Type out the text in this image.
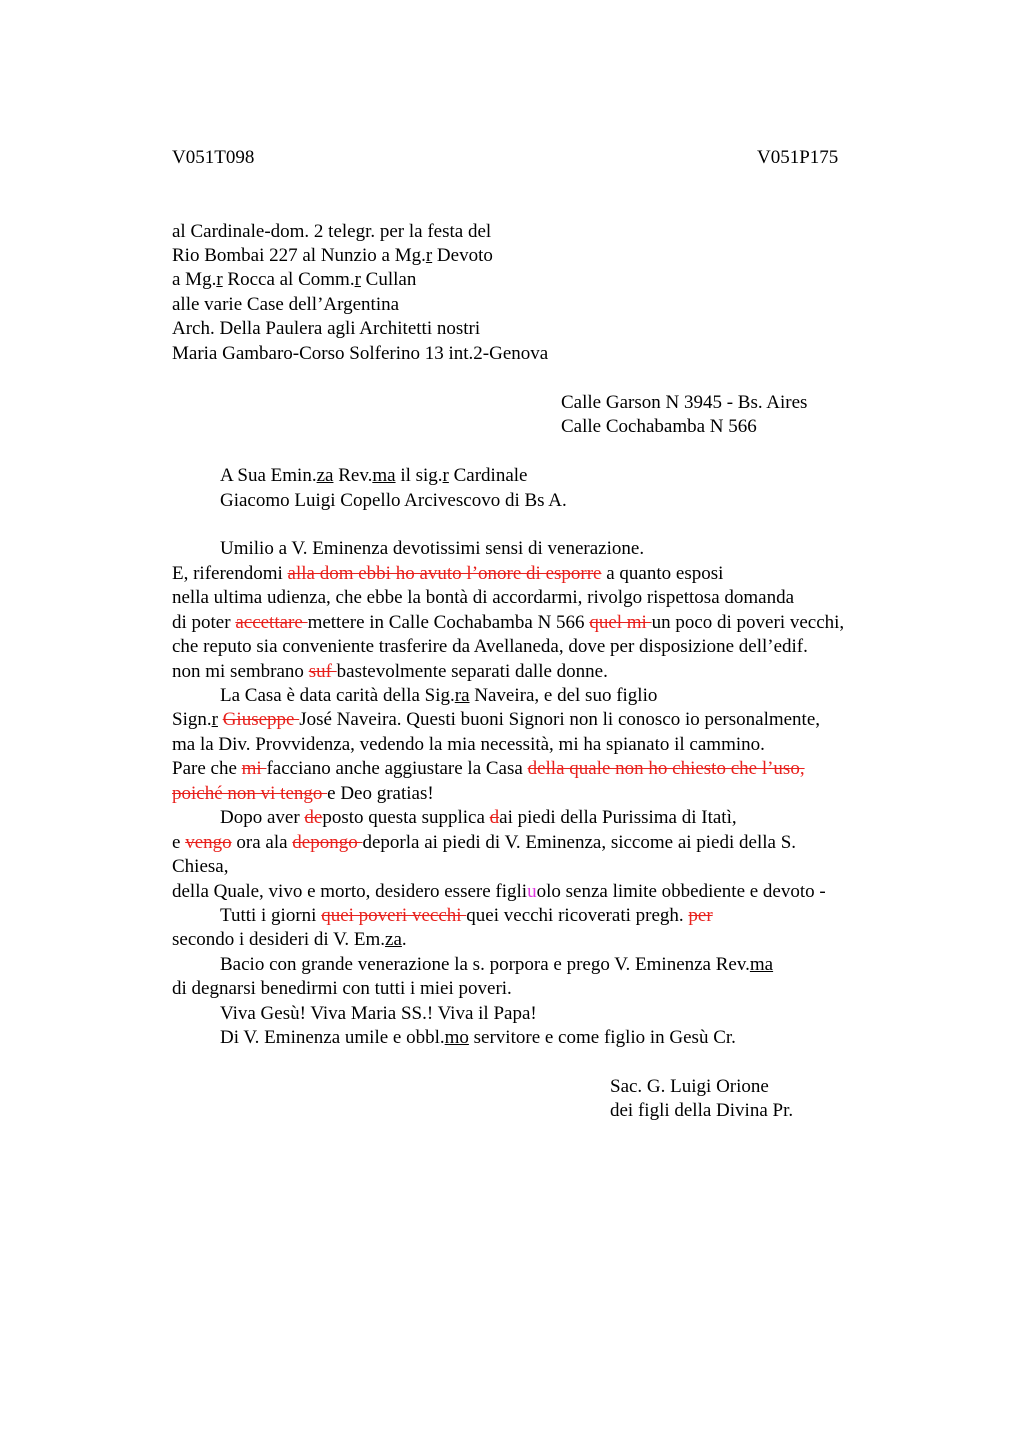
V051T098	V051P175
al Cardinale-dom. 2 telegr. per la festa del
Rio Bombai 227 al Nunzio a Mg.r Devoto
a Mg.r Rocca al Comm.r Cullan
alle varie Case dell’Argentina
Arch. Della Paulera agli Architetti nostri
Maria Gambaro-Corso Solferino 13 int.2-Genova
Calle Garson N 3945 - Bs. Aires
Calle Cochabamba N 566
A Sua Emin.za Rev.ma il sig.r Cardinale
Giacomo Luigi Copello Arcivescovo di Bs A.
Umilio a V. Eminenza devotissimi sensi di venerazione.
E, riferendomi alla dom ebbi ho avuto l’onore di esporre a quanto esposi
nella ultima udienza, che ebbe la bontà di accordarmi, rivolgo rispettosa domanda
di poter accettare mettere in Calle Cochabamba N 566 quel mi un poco di poveri vecchi,
che reputo sia conveniente trasferire da Avellaneda, dove per disposizione dell’edif.
non mi sembrano suf bastevolmente separati dalle donne.
La Casa è data carità della Sig.ra Naveira, e del suo figlio
Sign.r Giuseppe José Naveira. Questi buoni Signori non li conosco io personalmente,
ma la Div. Provvidenza, vedendo la mia necessità, mi ha spianato il cammino.
Pare che mi facciano anche aggiustare la Casa della quale non ho chiesto che l’uso,
poiché non vi tengo e Deo gratias!
Dopo aver deposto questa supplica dai piedi della Purissima di Itatì,
e vengo ora ala depongo deporla ai piedi di V. Eminenza, siccome ai piedi della S.
Chiesa,
della Quale, vivo e morto, desidero essere figliuolo senza limite obbediente e devoto -
Tutti i giorni quei poveri vecchi quei vecchi ricoverati pregh. per
secondo i desideri di V. Em.za.
Bacio con grande venerazione la s. porpora e prego V. Eminenza Rev.ma
di degnarsi benedirmi con tutti i miei poveri.
Viva Gesù! Viva Maria SS.! Viva il Papa!
Di V. Eminenza umile e obbl.mo servitore e come figlio in Gesù Cr.
Sac. G. Luigi Orione
dei figli della Divina Pr.
